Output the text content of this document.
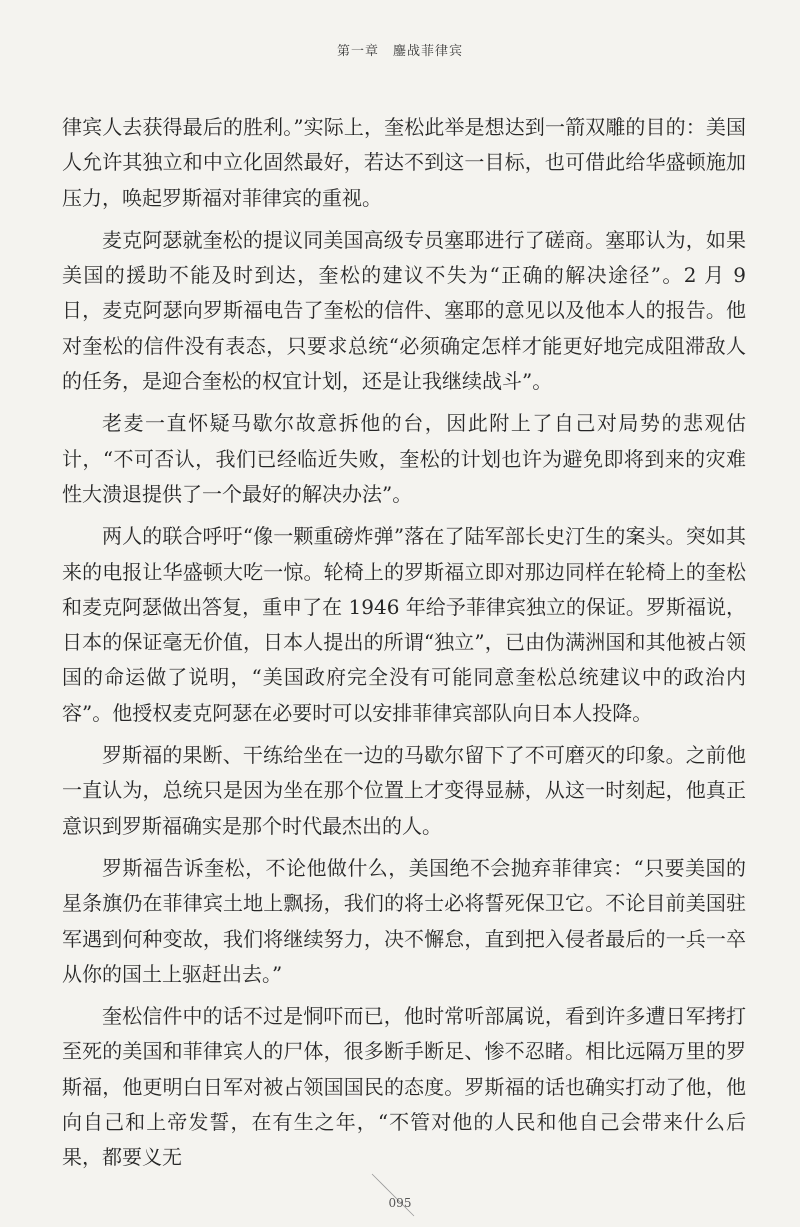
第一章　鏖战菲律宾

律宾人去获得最后的胜利。”实际上，奎松此举是想达到一箭双雕的目的：美国人允许其独立和中立化固然最好，若达不到这一目标，也可借此给华盛顿施加压力，唤起罗斯福对菲律宾的重视。

麦克阿瑟就奎松的提议同美国高级专员塞耶进行了磋商。塞耶认为，如果美国的援助不能及时到达，奎松的建议不失为“正确的解决途径”。2 月 9 日，麦克阿瑟向罗斯福电告了奎松的信件、塞耶的意见以及他本人的报告。他对奎松的信件没有表态，只要求总统“必须确定怎样才能更好地完成阻滞敌人的任务，是迎合奎松的权宜计划，还是让我继续战斗”。

老麦一直怀疑马歇尔故意拆他的台，因此附上了自己对局势的悲观估计，“不可否认，我们已经临近失败，奎松的计划也许为避免即将到来的灾难性大溃退提供了一个最好的解决办法”。

两人的联合呼吁“像一颗重磅炸弹”落在了陆军部长史汀生的案头。突如其来的电报让华盛顿大吃一惊。轮椅上的罗斯福立即对那边同样在轮椅上的奎松和麦克阿瑟做出答复，重申了在 1946 年给予菲律宾独立的保证。罗斯福说，日本的保证毫无价值，日本人提出的所谓“独立”，已由伪满洲国和其他被占领国的命运做了说明，“美国政府完全没有可能同意奎松总统建议中的政治内容”。他授权麦克阿瑟在必要时可以安排菲律宾部队向日本人投降。

罗斯福的果断、干练给坐在一边的马歇尔留下了不可磨灭的印象。之前他一直认为，总统只是因为坐在那个位置上才变得显赫，从这一时刻起，他真正意识到罗斯福确实是那个时代最杰出的人。

罗斯福告诉奎松，不论他做什么，美国绝不会抛弃菲律宾：“只要美国的星条旗仍在菲律宾土地上飘扬，我们的将士必将誓死保卫它。不论目前美国驻军遇到何种变故，我们将继续努力，决不懈怠，直到把入侵者最后的一兵一卒从你的国土上驱赶出去。”

奎松信件中的话不过是恫吓而已，他时常听部属说，看到许多遭日军拷打至死的美国和菲律宾人的尸体，很多断手断足、惨不忍睹。相比远隔万里的罗斯福，他更明白日军对被占领国国民的态度。罗斯福的话也确实打动了他，他向自己和上帝发誓，在有生之年，“不管对他的人民和他自己会带来什么后果，都要义无

095
